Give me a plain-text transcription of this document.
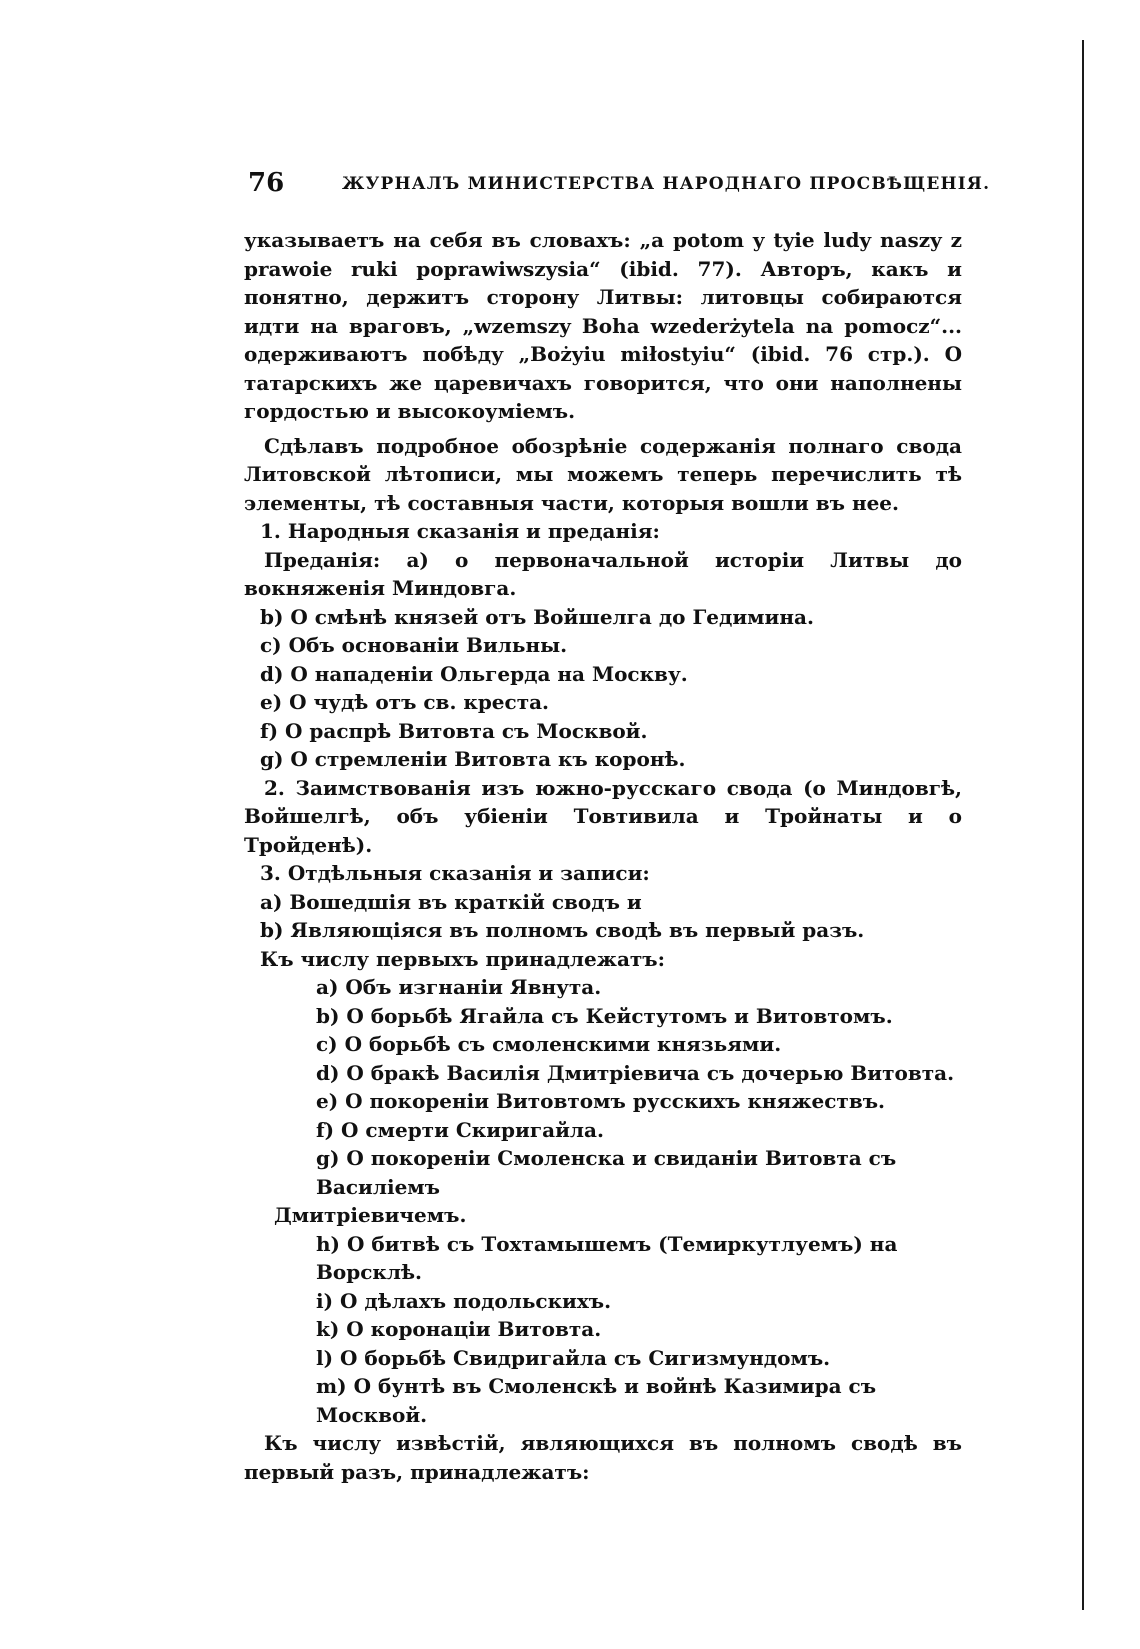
76	ЖУРНАЛЪ МИНИСТЕРСТВА НАРОДНАГО ПРОСВѢЩЕНІЯ.

указываетъ на себя въ словахъ: „a potom y tyie ludy naszy z prawoie ruki poprawiwszysia“ (ibid. 77). Авторъ, какъ и понятно, держитъ сторону Литвы: литовцы собираются идти на враговъ, „wzemszy Boha wzederżytela na pomocz“... одерживаютъ побѣду „Bożyiu miłostyiu“ (ibid. 76 стр.). О татарскихъ же царевичахъ говорится, что они наполнены гордостью и высокоуміемъ.

Сдѣлавъ подробное обозрѣніе содержанія полнаго свода Литовской лѣтописи, мы можемъ теперь перечислить тѣ элементы, тѣ составныя части, которыя вошли въ нее.

1. Народныя сказанія и преданія:

Преданія: a) о первоначальной исторіи Литвы до вокняженія Миндовга.

b) О смѣнѣ князей отъ Войшелга до Гедимина.

c) Объ основаніи Вильны.

d) О нападеніи Ольгерда на Москву.

e) О чудѣ отъ св. креста.

f) О распрѣ Витовта съ Москвой.

g) О стремленіи Витовта къ коронѣ.

2. Заимствованія изъ южно-русскаго свода (о Миндовгѣ, Войшелгѣ, объ убіеніи Товтивила и Тройнаты и о Тройденѣ).

3. Отдѣльныя сказанія и записи:

a) Вошедшія въ краткій сводъ и

b) Являющіяся въ полномъ сводѣ въ первый разъ.

Къ числу первыхъ принадлежатъ:

a) Объ изгнаніи Явнута.

b) О борьбѣ Ягайла съ Кейстутомъ и Витовтомъ.

c) О борьбѣ съ смоленскими князьями.

d) О бракѣ Василія Дмитріевича съ дочерью Витовта.

e) О покореніи Витовтомъ русскихъ княжествъ.

f) О смерти Скиригайла.

g) О покореніи Смоленска и свиданіи Витовта съ Василіемъ
Дмитріевичемъ.

h) О битвѣ съ Тохтамышемъ (Темиркутлуемъ) на Ворсклѣ.

i) О дѣлахъ подольскихъ.

k) О коронаціи Витовта.

l) О борьбѣ Свидригайла съ Сигизмундомъ.

m) О бунтѣ въ Смоленскѣ и войнѣ Казимира съ Москвой.

Къ числу извѣстій, являющихся въ полномъ сводѣ въ первый разъ, принадлежатъ:
